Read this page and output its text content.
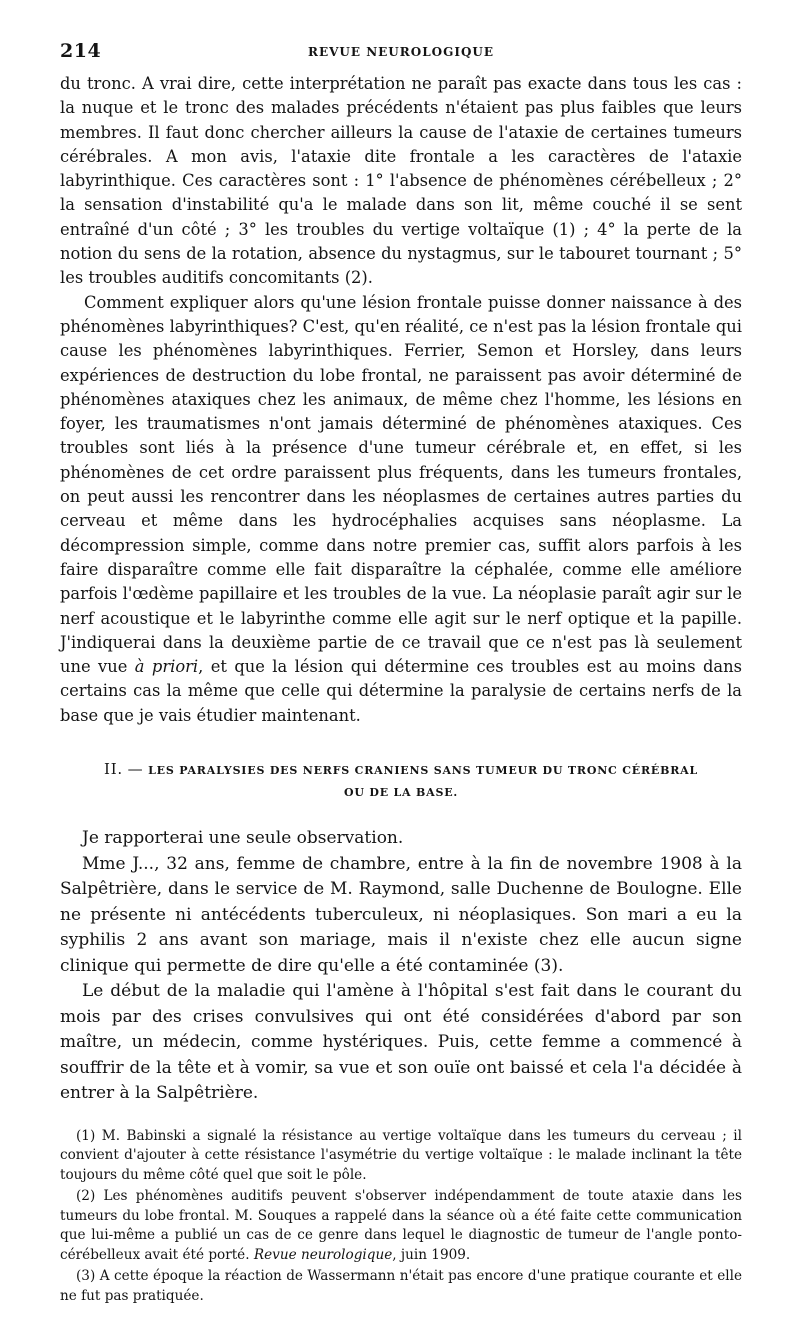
214	REVUE NEUROLOGIQUE

du tronc. A vrai dire, cette interprétation ne paraît pas exacte dans tous les cas : la nuque et le tronc des malades précédents n'étaient pas plus faibles que leurs membres. Il faut donc chercher ailleurs la cause de l'ataxie de certaines tumeurs cérébrales. A mon avis, l'ataxie dite frontale a les caractères de l'ataxie labyrinthique. Ces caractères sont : 1° l'absence de phénomènes cérébelleux ; 2° la sensation d'instabilité qu'a le malade dans son lit, même couché il se sent entraîné d'un côté ; 3° les troubles du vertige voltaïque (1) ; 4° la perte de la notion du sens de la rotation, absence du nystagmus, sur le tabouret tournant ; 5° les troubles auditifs concomitants (2).

Comment expliquer alors qu'une lésion frontale puisse donner naissance à des phénomènes labyrinthiques? C'est, qu'en réalité, ce n'est pas la lésion frontale qui cause les phénomènes labyrinthiques. Ferrier, Semon et Horsley, dans leurs expériences de destruction du lobe frontal, ne paraissent pas avoir déterminé de phénomènes ataxiques chez les animaux, de même chez l'homme, les lésions en foyer, les traumatismes n'ont jamais déterminé de phénomènes ataxiques. Ces troubles sont liés à la présence d'une tumeur cérébrale et, en effet, si les phénomènes de cet ordre paraissent plus fréquents, dans les tumeurs frontales, on peut aussi les rencontrer dans les néoplasmes de certaines autres parties du cerveau et même dans les hydrocéphalies acquises sans néoplasme. La décompression simple, comme dans notre premier cas, suffit alors parfois à les faire disparaître comme elle fait disparaître la céphalée, comme elle améliore parfois l'œdème papillaire et les troubles de la vue. La néoplasie paraît agir sur le nerf acoustique et le labyrinthe comme elle agit sur le nerf optique et la papille. J'indiquerai dans la deuxième partie de ce travail que ce n'est pas là seulement une vue à priori, et que la lésion qui détermine ces troubles est au moins dans certains cas la même que celle qui détermine la paralysie de certains nerfs de la base que je vais étudier maintenant.

II. — LES PARALYSIES DES NERFS CRANIENS SANS TUMEUR DU TRONC CÉRÉBRAL
OU DE LA BASE.

Je rapporterai une seule observation.

Mme J..., 32 ans, femme de chambre, entre à la fin de novembre 1908 à la Salpêtrière, dans le service de M. Raymond, salle Duchenne de Boulogne. Elle ne présente ni antécédents tuberculeux, ni néoplasiques. Son mari a eu la syphilis 2 ans avant son mariage, mais il n'existe chez elle aucun signe clinique qui permette de dire qu'elle a été contaminée (3).

Le début de la maladie qui l'amène à l'hôpital s'est fait dans le courant du mois par des crises convulsives qui ont été considérées d'abord par son maître, un médecin, comme hystériques. Puis, cette femme a commencé à souffrir de la tête et à vomir, sa vue et son ouïe ont baissé et cela l'a décidée à entrer à la Salpêtrière.

(1) M. Babinski a signalé la résistance au vertige voltaïque dans les tumeurs du cerveau ; il convient d'ajouter à cette résistance l'asymétrie du vertige voltaïque : le malade inclinant la tête toujours du même côté quel que soit le pôle.

(2) Les phénomènes auditifs peuvent s'observer indépendamment de toute ataxie dans les tumeurs du lobe frontal. M. Souques a rappelé dans la séance où a été faite cette communication que lui-même a publié un cas de ce genre dans lequel le diagnostic de tumeur de l'angle ponto-cérébelleux avait été porté. Revue neurologique, juin 1909.

(3) A cette époque la réaction de Wassermann n'était pas encore d'une pratique courante et elle ne fut pas pratiquée.
